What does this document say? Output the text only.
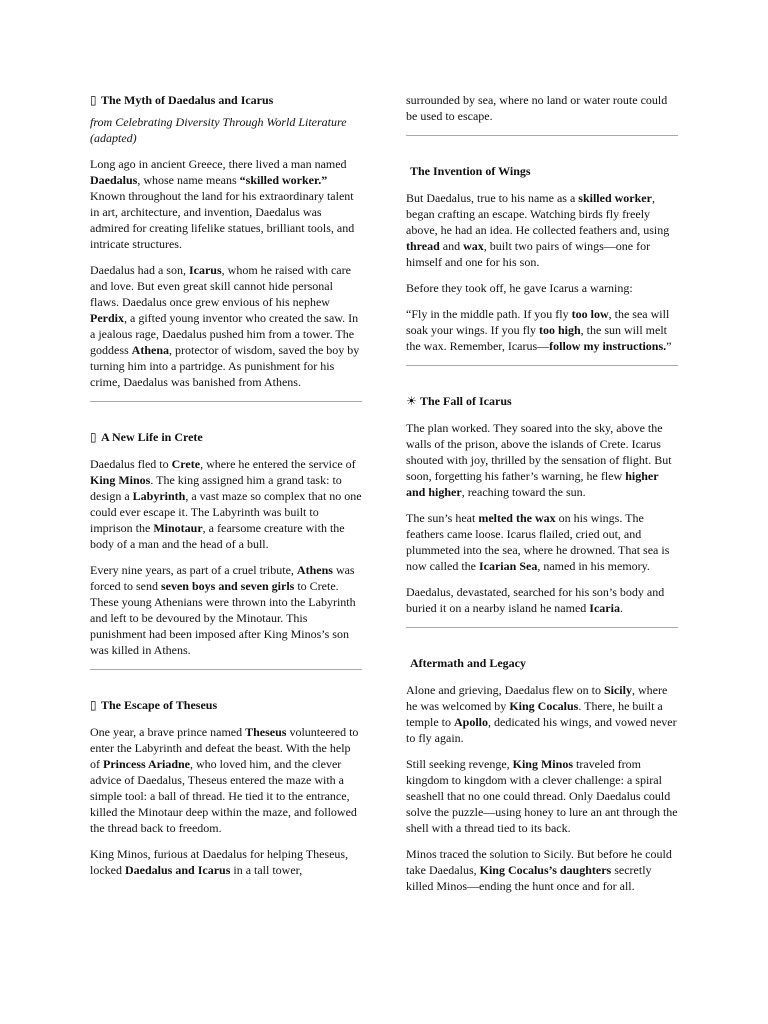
▯ The Myth of Daedalus and Icarus

from Celebrating Diversity Through World Literature (adapted)

Long ago in ancient Greece, there lived a man named Daedalus, whose name means “skilled worker.” Known throughout the land for his extraordinary talent in art, architecture, and invention, Daedalus was admired for creating lifelike statues, brilliant tools, and intricate structures.

Daedalus had a son, Icarus, whom he raised with care and love. But even great skill cannot hide personal flaws. Daedalus once grew envious of his nephew Perdix, a gifted young inventor who created the saw. In a jealous rage, Daedalus pushed him from a tower. The goddess Athena, protector of wisdom, saved the boy by turning him into a partridge. As punishment for his crime, Daedalus was banished from Athens.

▯ A New Life in Crete

Daedalus fled to Crete, where he entered the service of King Minos. The king assigned him a grand task: to design a Labyrinth, a vast maze so complex that no one could ever escape it. The Labyrinth was built to imprison the Minotaur, a fearsome creature with the body of a man and the head of a bull.

Every nine years, as part of a cruel tribute, Athens was forced to send seven boys and seven girls to Crete. These young Athenians were thrown into the Labyrinth and left to be devoured by the Minotaur. This punishment had been imposed after King Minos’s son was killed in Athens.

▯ The Escape of Theseus

One year, a brave prince named Theseus volunteered to enter the Labyrinth and defeat the beast. With the help of Princess Ariadne, who loved him, and the clever advice of Daedalus, Theseus entered the maze with a simple tool: a ball of thread. He tied it to the entrance, killed the Minotaur deep within the maze, and followed the thread back to freedom.

King Minos, furious at Daedalus for helping Theseus, locked Daedalus and Icarus in a tall tower,

surrounded by sea, where no land or water route could be used to escape.

The Invention of Wings

But Daedalus, true to his name as a skilled worker, began crafting an escape. Watching birds fly freely above, he had an idea. He collected feathers and, using thread and wax, built two pairs of wings—one for himself and one for his son.

Before they took off, he gave Icarus a warning:

“Fly in the middle path. If you fly too low, the sea will soak your wings. If you fly too high, the sun will melt the wax. Remember, Icarus—follow my instructions.”

☀ The Fall of Icarus

The plan worked. They soared into the sky, above the walls of the prison, above the islands of Crete. Icarus shouted with joy, thrilled by the sensation of flight. But soon, forgetting his father’s warning, he flew higher and higher, reaching toward the sun.

The sun’s heat melted the wax on his wings. The feathers came loose. Icarus flailed, cried out, and plummeted into the sea, where he drowned. That sea is now called the Icarian Sea, named in his memory.

Daedalus, devastated, searched for his son’s body and buried it on a nearby island he named Icaria.

Aftermath and Legacy

Alone and grieving, Daedalus flew on to Sicily, where he was welcomed by King Cocalus. There, he built a temple to Apollo, dedicated his wings, and vowed never to fly again.

Still seeking revenge, King Minos traveled from kingdom to kingdom with a clever challenge: a spiral seashell that no one could thread. Only Daedalus could solve the puzzle—using honey to lure an ant through the shell with a thread tied to its back.

Minos traced the solution to Sicily. But before he could take Daedalus, King Cocalus’s daughters secretly killed Minos—ending the hunt once and for all.
